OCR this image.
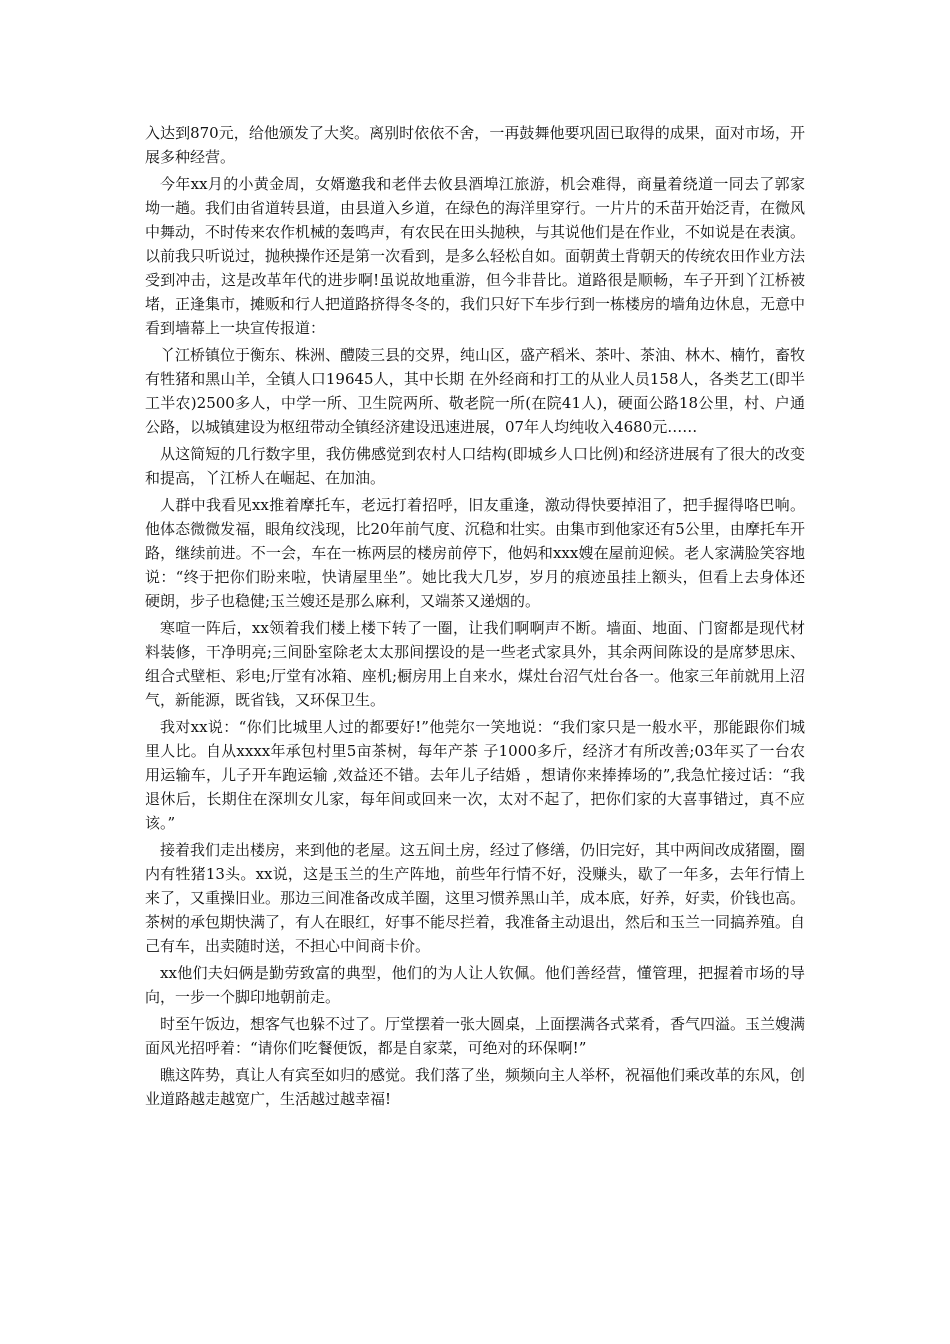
入达到870元，给他颁发了大奖。离别时依依不舍，一再鼓舞他要巩固已取得的成果，面对市场，开展多种经营。

今年xx月的小黄金周，女婿邀我和老伴去攸县酒埠江旅游，机会难得，商量着绕道一同去了郭家坳一趟。我们由省道转县道，由县道入乡道，在绿色的海洋里穿行。一片片的禾苗开始泛青，在微风中舞动，不时传来农作机械的轰鸣声，有农民在田头抛秧，与其说他们是在作业，不如说是在表演。以前我只听说过，抛秧操作还是第一次看到，是多么轻松自如。面朝黄土背朝天的传统农田作业方法受到冲击，这是改革年代的进步啊!虽说故地重游，但今非昔比。道路很是顺畅，车子开到丫江桥被堵，正逢集市，摊贩和行人把道路挤得冬冬的，我们只好下车步行到一栋楼房的墙角边休息，无意中看到墙幕上一块宣传报道：

丫江桥镇位于衡东、株洲、醴陵三县的交界，纯山区，盛产稻米、茶叶、茶油、林木、楠竹，畜牧有牲猪和黑山羊，全镇人口19645人，其中长期 在外经商和打工的从业人员158人，各类艺工(即半工半农)2500多人，中学一所、卫生院两所、敬老院一所(在院41人)，硬面公路18公里，村、户通公路，以城镇建设为枢纽带动全镇经济建设迅速进展，07年人均纯收入4680元……

从这简短的几行数字里，我仿佛感觉到农村人口结构(即城乡人口比例)和经济进展有了很大的改变和提高，丫江桥人在崛起、在加油。

人群中我看见xx推着摩托车，老远打着招呼，旧友重逢，激动得快要掉泪了，把手握得咯巴响。他体态微微发福，眼角纹浅现，比20年前气度、沉稳和壮实。由集市到他家还有5公里，由摩托车开路，继续前进。不一会，车在一栋两层的楼房前停下，他妈和xxx嫂在屋前迎候。老人家满脸笑容地说：“终于把你们盼来啦，快请屋里坐”。她比我大几岁，岁月的痕迹虽挂上额头，但看上去身体还硬朗，步子也稳健;玉兰嫂还是那么麻利，又端茶又递烟的。

寒喧一阵后，xx领着我们楼上楼下转了一圈，让我们啊啊声不断。墙面、地面、门窗都是现代材料装修，干净明亮;三间卧室除老太太那间摆设的是一些老式家具外，其余两间陈设的是席梦思床、组合式壁柜、彩电;厅堂有冰箱、座机;橱房用上自来水，煤灶台沼气灶台各一。他家三年前就用上沼气，新能源，既省钱，又环保卫生。

我对xx说：“你们比城里人过的都要好!”他莞尔一笑地说：“我们家只是一般水平，那能跟你们城里人比。自从xxxx年承包村里5亩茶树，每年产茶 子1000多斤，经济才有所改善;03年买了一台农用运输车，儿子开车跑运输 ,效益还不错。去年儿子结婚 ，想请你来捧捧场的”,我急忙接过话：“我退休后，长期住在深圳女儿家，每年间或回来一次，太对不起了，把你们家的大喜事错过，真不应该。”

接着我们走出楼房，来到他的老屋。这五间土房，经过了修缮，仍旧完好，其中两间改成猪圈，圈内有牲猪13头。xx说，这是玉兰的生产阵地，前些年行情不好，没赚头，歇了一年多，去年行情上来了，又重操旧业。那边三间准备改成羊圈，这里习惯养黑山羊，成本底，好养，好卖，价钱也高。茶树的承包期快满了，有人在眼红，好事不能尽拦着，我准备主动退出，然后和玉兰一同搞养殖。自己有车，出卖随时送，不担心中间商卡价。

xx他们夫妇俩是勤劳致富的典型，他们的为人让人钦佩。他们善经营，懂管理，把握着市场的导向，一步一个脚印地朝前走。

时至午饭边，想客气也躲不过了。厅堂摆着一张大圆桌，上面摆满各式菜肴，香气四溢。玉兰嫂满面风光招呼着：“请你们吃餐便饭，都是自家菜，可绝对的环保啊!”

瞧这阵势，真让人有宾至如归的感觉。我们落了坐，频频向主人举杯，祝福他们乘改革的东风，创业道路越走越宽广，生活越过越幸福!
